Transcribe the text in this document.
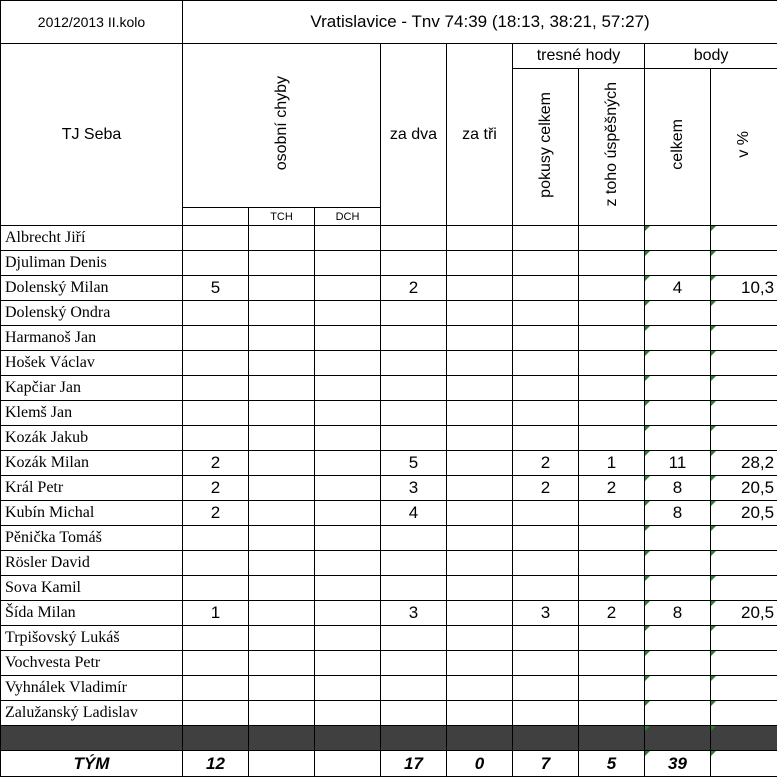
2012/2013 II.kolo	Vratislavice - Tnv 74:39 (18:13, 38:21, 57:27)								
TJ Seba	osobní chyby			za dva	za tři	tresné hody		body	
						pokusy celkem	z toho úspěšných	celkem	v %
		TCH	DCH						
Albrecht Jiří									
Djuliman Denis									
Dolenský Milan	5			2				4	10,3
Dolenský Ondra									
Harmanoš Jan									
Hošek Václav									
Kapčiar Jan									
Klemš Jan									
Kozák Jakub									
Kozák Milan	2			5		2	1	11	28,2
Král Petr	2			3		2	2	8	20,5
Kubín Michal	2			4				8	20,5
Pěnička Tomáš									
Rösler David									
Sova Kamil									
Šída Milan	1			3		3	2	8	20,5
Trpišovský Lukáš									
Vochvesta Petr									
Vyhnálek Vladimír									
Zalužanský Ladislav									

TÝM	12			17	0	7	5	39	
